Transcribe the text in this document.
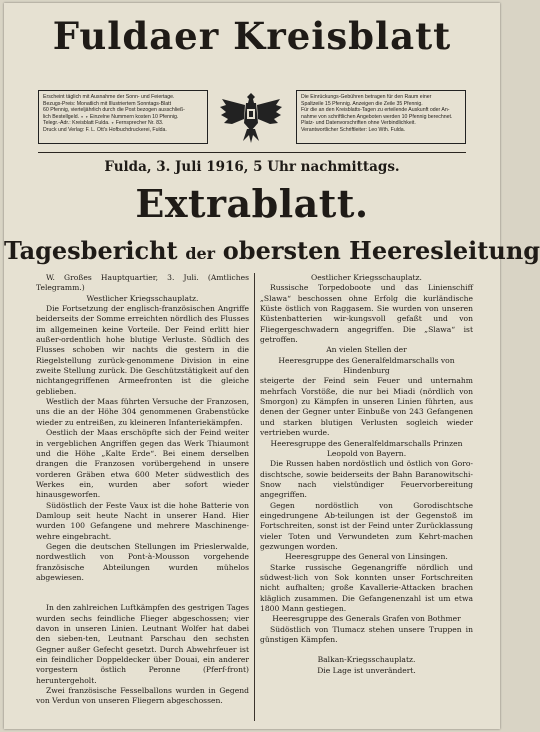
Fuldaer Kreisblatt

Erscheint täglich mit Ausnahme der Sonn- und Feiertage.

Bezugs-Preis: Monatlich mit Illustriertem Sonntags-Blatt

60 Pfennig, vierteljährlich durch die Post bezogen ausschließ-

lich Bestellgeld. ∘ ∘ Einzelne Nummern kosten 10 Pfennig.

Telegr.-Adr.: Kreisblatt Fulda. ∘ Fernsprecher Nr. 83.

Druck und Verlag: F. L. Ott's Hofbuchdruckerei, Fulda.

Die Einrückungs-Gebühren betragen für den Raum einer

Spaltzeile 15 Pfennig. Anzeigen die Zeile 35 Pfennig.

Für die an den Kreisblatts-Tagen zu erteilende Auskunft oder An-

nahme von schriftlichen Angeboten werden 10 Pfennig berechnet.

Platz- und Datenvorschriften ohne Verbindlichkeit.

Verantwortlicher Schriftleiter: Leo Wth. Fulda.

Fulda, 3. Juli 1916, 5 Uhr nachmittags.
Extrablatt.
Tagesbericht der obersten Heeresleitung

W. Großes Hauptquartier, 3. Juli. (Amtliches Telegramm.)

Westlicher Kriegsschauplatz.

Die Fortsetzung der englisch-französischen Angriffe beiderseits der Somme erreichten nördlich des Flusses im allgemeinen keine Vorteile. Der Feind erlitt hier außer-ordentlich hohe blutige Verluste. Südlich des Flusses schoben wir nachts die gestern in die Riegelstellung zurück-genommene Division in eine zweite Stellung zurück. Die Geschützstätigkeit auf den nichtangegriffenen Armeefronten ist die gleiche geblieben.

Westlich der Maas führten Versuche der Franzosen, uns die an der Höhe 304 genommenen Grabenstücke wieder zu entreißen, zu kleineren Infanteriekämpfen.

Oestlich der Maas erschöpfte sich der Feind weiter in vergeblichen Angriffen gegen das Werk Thiaumont und die Höhe „Kalte Erde“. Bei einem derselben drangen die Franzosen vorübergehend in unsere vorderen Gräben etwa 600 Meter südwestlich des Werkes ein, wurden aber sofort wieder hinausgeworfen.

Südöstlich der Feste Vaux ist die hohe Batterie von Damloup seit heute Nacht in unserer Hand. Hier wurden 100 Gefangene und mehrere Maschinenge-wehre eingebracht.

Gegen die deutschen Stellungen im Prieslerwalde, nordwestlich von Pont-à-Mousson vorgehende französische Abteilungen wurden mühelos abgewiesen.

In den zahlreichen Luftkämpfen des gestrigen Tages wurden sechs feindliche Flieger abgeschossen; vier davon in unseren Linien. Leutnant Wolfer hat dabei den sieben-ten, Leutnant Parschau den sechsten Gegner außer Gefecht gesetzt. Durch Abwehrfeuer ist ein feindlicher Doppeldecker über Douai, ein anderer vorgestern östlich Peronne (Pferf-front) heruntergeholt.

Zwei französische Fesselballons wurden in Gegend von Verdun von unseren Fliegern abgeschossen.

Oestlicher Kriegsschauplatz.

Russische Torpedoboote und das Linienschiff „Slawa“ beschossen ohne Erfolg die kurländische Küste östlich von Raggasem. Sie wurden von unseren Küstenbatterien wir-kungsvoll gefaßt und von Fliegergeschwadern angegriffen. Die „Slawa“ ist getroffen.

An vielen Stellen der

Heeresgruppe des Generalfeldmarschalls von Hindenburg

steigerte der Feind sein Feuer und unternahm mehrfach Vorstöße, die nur bei Miadi (nördlich von Smorgon) zu Kämpfen in unseren Linien führten, aus denen der Gegner unter Einbuße von 243 Gefangenen und starken blutigen Verlusten sogleich wieder vertrieben wurde.

Heeresgruppe des Generalfeldmarschalls Prinzen Leopold von Bayern.

Die Russen haben nordöstlich und östlich von Goro-dischtsche, sowie beiderseits der Bahn Baranowitschi-Snow nach vielstündiger Feuervorbereitung angegriffen.

Gegen nordöstlich von Gorodischtsche eingedrungene Ab-teilungen ist der Gegenstoß im Fortschreiten, sonst ist der Feind unter Zurücklassung vieler Toten und Verwundeten zum Kehrt-machen gezwungen worden.

Heeresgruppe des General von Linsingen.

Starke russische Gegenangriffe nördlich und südwest-lich von Sok konnten unser Fortschreiten nicht aufhalten; große Kavallerie-Attacken brachen kläglich zusammen. Die Gefangenenzahl ist um etwa 1800 Mann gestiegen.

Heeresgruppe des Generals Grafen von Bothmer

Südöstlich von Tlumacz stehen unsere Truppen in günstigen Kämpfen.

Balkan-Kriegsschauplatz.

Die Lage ist unverändert.
